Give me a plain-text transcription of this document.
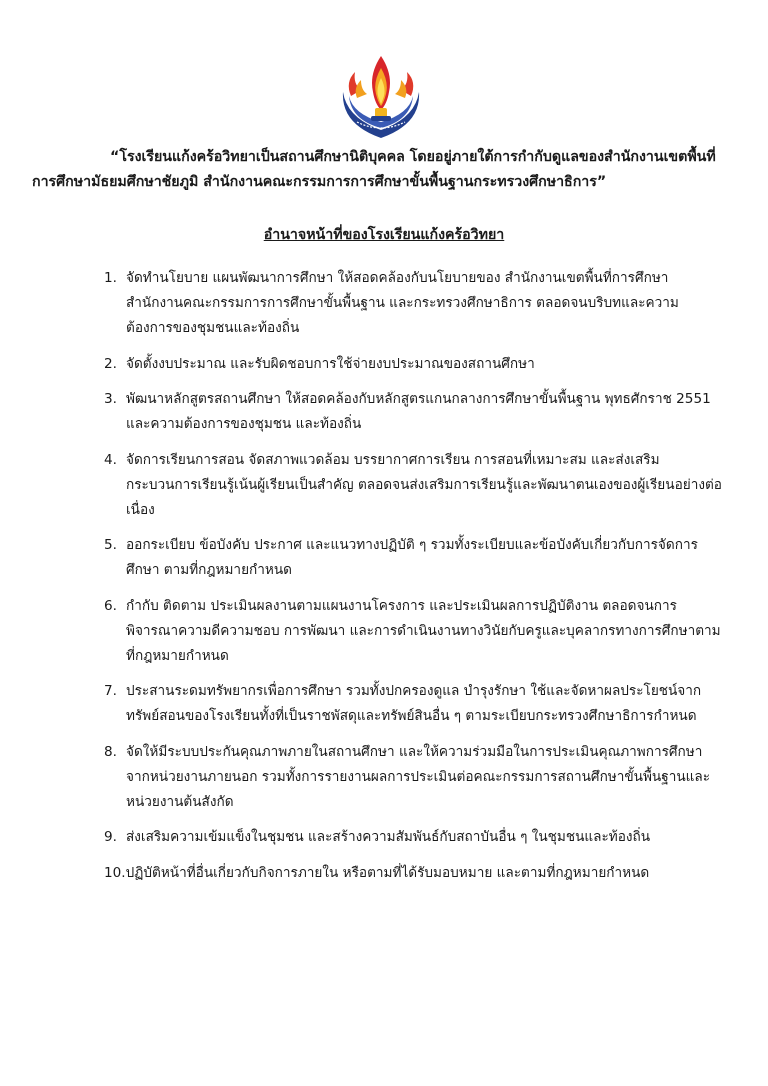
“โรงเรียนแก้งคร้อวิทยาเป็นสถานศึกษานิติบุคคล โดยอยู่ภายใต้การกำกับดูแลของสำนักงานเขตพื้นที่การศึกษามัธยมศึกษาชัยภูมิ สำนักงานคณะกรรมการการศึกษาขั้นพื้นฐานกระทรวงศึกษาธิการ”

อำนาจหน้าที่ของโรงเรียนแก้งคร้อวิทยา

1. จัดทำนโยบาย แผนพัฒนาการศึกษา ให้สอดคล้องกับนโยบายของ สำนักงานเขตพื้นที่การศึกษา สำนักงานคณะกรรมการการศึกษาขั้นพื้นฐาน และกระทรวงศึกษาธิการ ตลอดจนบริบทและความต้องการของชุมชนและท้องถิ่น
2. จัดตั้งงบประมาณ และรับผิดชอบการใช้จ่ายงบประมาณของสถานศึกษา
3. พัฒนาหลักสูตรสถานศึกษา ให้สอดคล้องกับหลักสูตรแกนกลางการศึกษาขั้นพื้นฐาน พุทธศักราช 2551 และความต้องการของชุมชน และท้องถิ่น
4. จัดการเรียนการสอน จัดสภาพแวดล้อม บรรยากาศการเรียน การสอนที่เหมาะสม และส่งเสริมกระบวนการเรียนรู้เน้นผู้เรียนเป็นสำคัญ ตลอดจนส่งเสริมการเรียนรู้และพัฒนาตนเองของผู้เรียนอย่างต่อเนื่อง
5. ออกระเบียบ ข้อบังคับ ประกาศ และแนวทางปฏิบัติ ๆ รวมทั้งระเบียบและข้อบังคับเกี่ยวกับการจัดการศึกษา ตามที่กฎหมายกำหนด
6. กำกับ ติดตาม ประเมินผลงานตามแผนงานโครงการ และประเมินผลการปฏิบัติงาน ตลอดจนการพิจารณาความดีความชอบ การพัฒนา และการดำเนินงานทางวินัยกับครูและบุคลากรทางการศึกษาตามที่กฎหมายกำหนด
7. ประสานระดมทรัพยากรเพื่อการศึกษา รวมทั้งปกครองดูแล บำรุงรักษา ใช้และจัดหาผลประโยชน์จากทรัพย์สอนของโรงเรียนทั้งที่เป็นราชพัสดุและทรัพย์สินอื่น ๆ ตามระเบียบกระทรวงศึกษาธิการกำหนด
8. จัดให้มีระบบประกันคุณภาพภายในสถานศึกษา และให้ความร่วมมือในการประเมินคุณภาพการศึกษาจากหน่วยงานภายนอก รวมทั้งการรายงานผลการประเมินต่อคณะกรรมการสถานศึกษาขั้นพื้นฐานและหน่วยงานต้นสังกัด
9. ส่งเสริมความเข้มแข็งในชุมชน และสร้างความสัมพันธ์กับสถาบันอื่น ๆ ในชุมชนและท้องถิ่น
10.ปฏิบัติหน้าที่อื่นเกี่ยวกับกิจการภายใน หรือตามที่ได้รับมอบหมาย และตามที่กฎหมายกำหนด
